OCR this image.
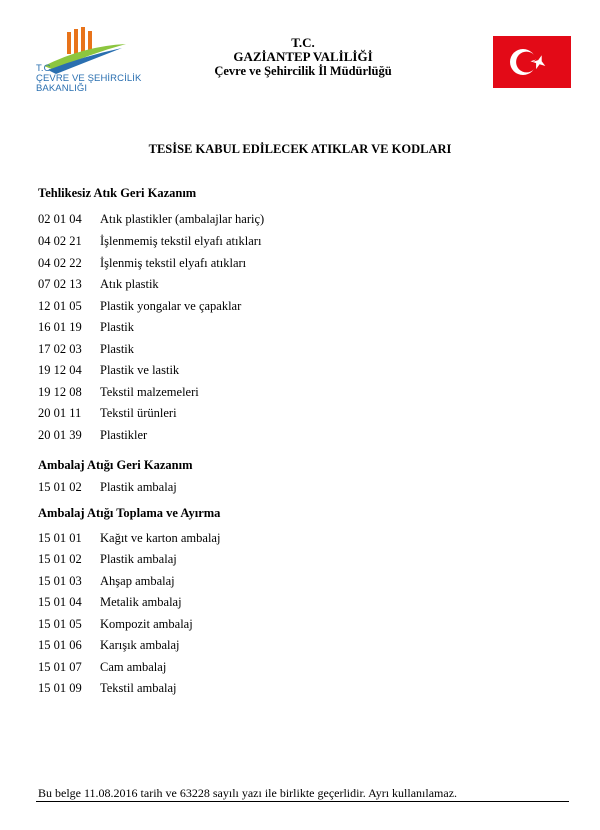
T.C.
ÇEVRE VE ŞEHİRCİLİK
BAKANLIĞI
T.C.
GAZİANTEP VALİLİĞİ
Çevre ve Şehircilik İl Müdürlüğü
TESİSE KABUL EDİLECEK ATIKLAR VE KODLARI
Tehlikesiz Atık Geri Kazanım
02 01 04 Atık plastikler (ambalajlar hariç)
04 02 21 İşlenmemiş tekstil elyafı atıkları
04 02 22 İşlenmiş tekstil elyafı atıkları
07 02 13 Atık plastik
12 01 05 Plastik yongalar ve çapaklar
16 01 19 Plastik
17 02 03 Plastik
19 12 04 Plastik ve lastik
19 12 08 Tekstil malzemeleri
20 01 11 Tekstil ürünleri
20 01 39 Plastikler
Ambalaj Atığı Geri Kazanım
15 01 02 Plastik ambalaj
Ambalaj Atığı Toplama ve Ayırma
15 01 01 Kağıt ve karton ambalaj
15 01 02 Plastik ambalaj
15 01 03 Ahşap ambalaj
15 01 04 Metalik ambalaj
15 01 05 Kompozit ambalaj
15 01 06 Karışık ambalaj
15 01 07 Cam ambalaj
15 01 09 Tekstil ambalaj
Bu belge 11.08.2016 tarih ve 63228 sayılı yazı ile birlikte geçerlidir. Ayrı kullanılamaz.
